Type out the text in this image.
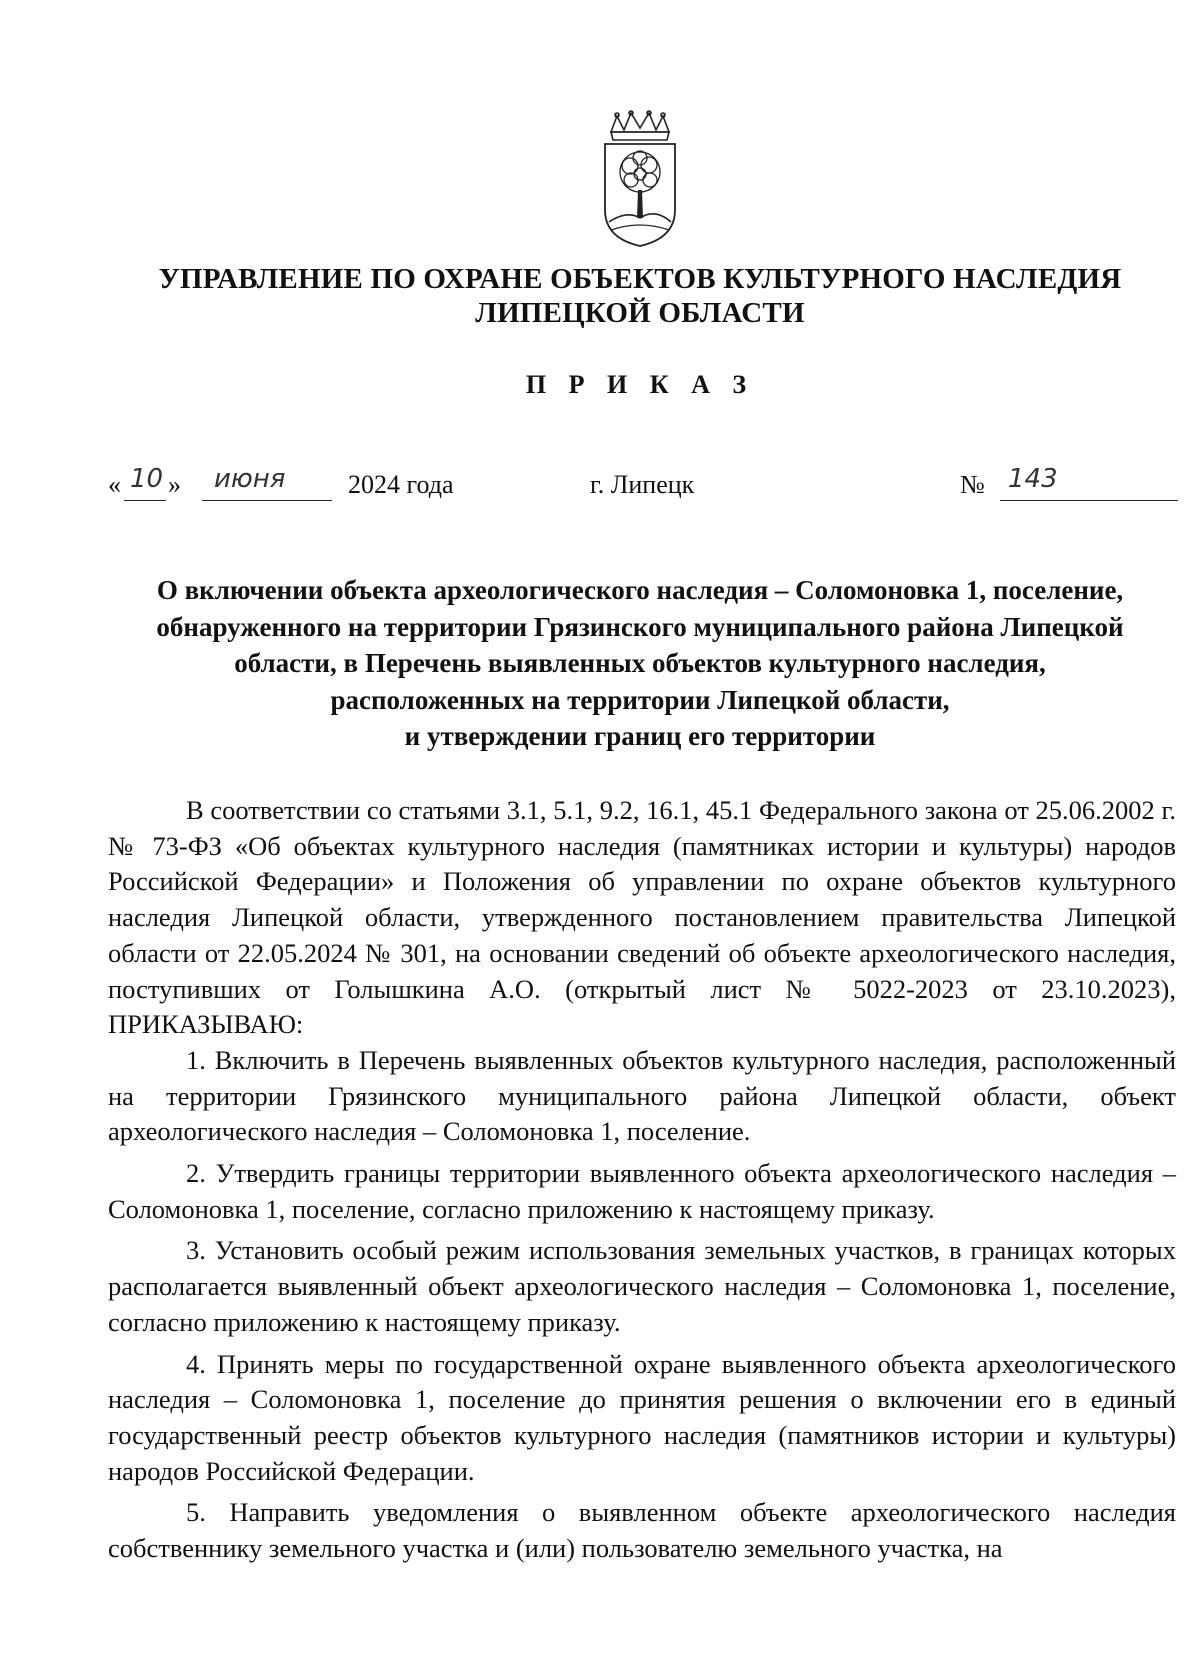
УПРАВЛЕНИЕ ПО ОХРАНЕ ОБЪЕКТОВ КУЛЬТУРНОГО НАСЛЕДИЯ
ЛИПЕЦКОЙ ОБЛАСТИ
П Р И К А З
« 10 » июня 2024 года	г. Липецк	№ 143
О включении объекта археологического наследия – Соломоновка 1, поселение,
обнаруженного на территории Грязинского муниципального района Липецкой
области, в Перечень выявленных объектов культурного наследия,
расположенных на территории Липецкой области,
и утверждении границ его территории

В соответствии со статьями 3.1, 5.1, 9.2, 16.1, 45.1 Федерального закона от 25.06.2002 г. № 73-ФЗ «Об объектах культурного наследия (памятниках истории и культуры) народов Российской Федерации» и Положения об управлении по охране объектов культурного наследия Липецкой области, утвержденного постановлением правительства Липецкой области от 22.05.2024 № 301, на основании сведений об объекте археологического наследия, поступивших от Голышкина А.О. (открытый лист № 5022-2023 от 23.10.2023), ПРИКАЗЫВАЮ:

1. Включить в Перечень выявленных объектов культурного наследия, расположенный на территории Грязинского муниципального района Липецкой области, объект археологического наследия – Соломоновка 1, поселение.

2. Утвердить границы территории выявленного объекта археологического наследия – Соломоновка 1, поселение, согласно приложению к настоящему приказу.

3. Установить особый режим использования земельных участков, в границах которых располагается выявленный объект археологического наследия – Соломоновка 1, поселение, согласно приложению к настоящему приказу.

4. Принять меры по государственной охране выявленного объекта археологического наследия – Соломоновка 1, поселение до принятия решения о включении его в единый государственный реестр объектов культурного наследия (памятников истории и культуры) народов Российской Федерации.

5. Направить уведомления о выявленном объекте археологического наследия собственнику земельного участка и (или) пользователю земельного участка, на
